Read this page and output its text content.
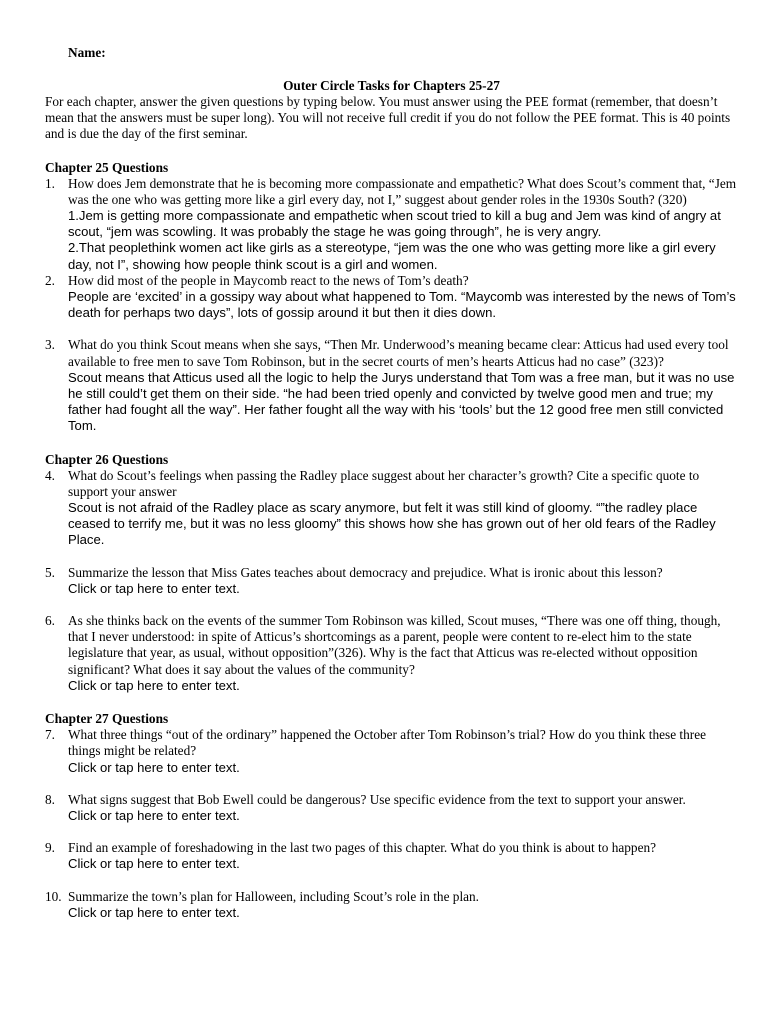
Name:
Outer Circle Tasks for Chapters 25-27
For each chapter, answer the given questions by typing below. You must answer using the PEE format (remember, that doesn’t mean that the answers must be super long). You will not receive full credit if you do not follow the PEE format. This is 40 points and is due the day of the first seminar.
Chapter 25 Questions
1. How does Jem demonstrate that he is becoming more compassionate and empathetic? What does Scout’s comment that, “Jem was the one who was getting more like a girl every day, not I,” suggest about gender roles in the 1930s South? (320)
1.Jem is getting more compassionate and empathetic when scout tried to kill a bug and Jem was kind of angry at scout, “jem was scowling. It was probably the stage he was going through”, he is very angry.
2.That peoplethink women act like girls as a stereotype, “jem was the one who was getting more like a girl every day, not I”, showing how people think scout is a girl and women.
2. How did most of the people in Maycomb react to the news of Tom’s death?
People are ‘excited’ in a gossipy way about what happened to Tom. “Maycomb was interested by the news of Tom’s death for perhaps two days”, lots of gossip around it but then it dies down.
3. What do you think Scout means when she says, “Then Mr. Underwood’s meaning became clear: Atticus had used every tool available to free men to save Tom Robinson, but in the secret courts of men’s hearts Atticus had no case” (323)?
Scout means that Atticus used all the logic to help the Jurys understand that Tom was a free man, but it was no use he still could’t get them on their side. “he had been tried openly and convicted by twelve good men and true; my father had fought all the way”. Her father fought all the way with his ‘tools’ but the 12 good free men still convicted Tom.
Chapter 26 Questions
4. What do Scout’s feelings when passing the Radley place suggest about her character’s growth? Cite a specific quote to support your answer
Scout is not afraid of the Radley place as scary anymore, but felt it was still kind of gloomy. “”the radley place ceased to terrify me, but it was no less gloomy” this shows how she has grown out of her old fears of the Radley Place.
5. Summarize the lesson that Miss Gates teaches about democracy and prejudice. What is ironic about this lesson?
Click or tap here to enter text.
6. As she thinks back on the events of the summer Tom Robinson was killed, Scout muses, “There was one off thing, though, that I never understood: in spite of Atticus’s shortcomings as a parent, people were content to re-elect him to the state legislature that year, as usual, without opposition”(326). Why is the fact that Atticus was re-elected without opposition significant? What does it say about the values of the community?
Click or tap here to enter text.
Chapter 27 Questions
7. What three things “out of the ordinary” happened the October after Tom Robinson’s trial? How do you think these three things might be related?
Click or tap here to enter text.
8. What signs suggest that Bob Ewell could be dangerous? Use specific evidence from the text to support your answer.
Click or tap here to enter text.
9. Find an example of foreshadowing in the last two pages of this chapter. What do you think is about to happen?
Click or tap here to enter text.
10. Summarize the town’s plan for Halloween, including Scout’s role in the plan.
Click or tap here to enter text.
